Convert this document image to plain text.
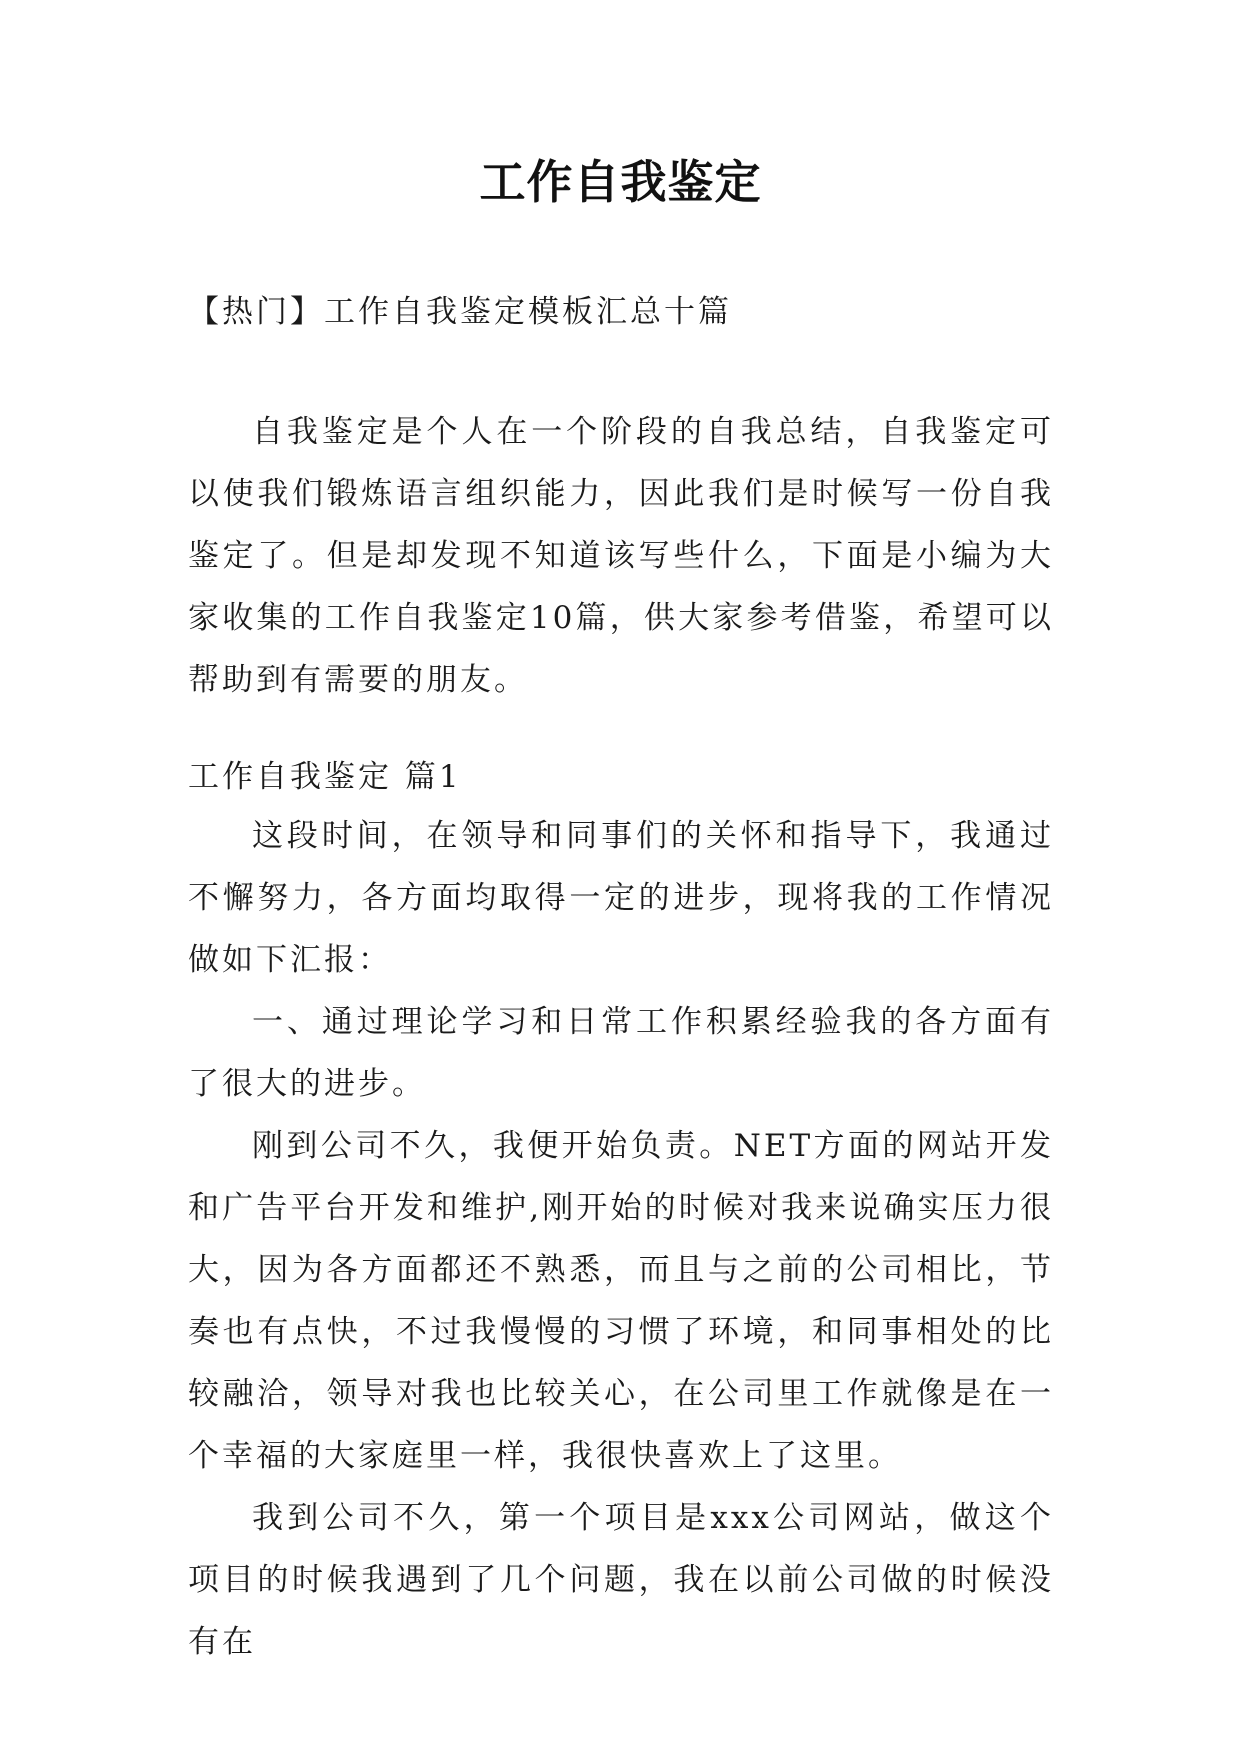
工作自我鉴定
【热门】工作自我鉴定模板汇总十篇

自我鉴定是个人在一个阶段的自我总结，自我鉴定可以使我们锻炼语言组织能力，因此我们是时候写一份自我鉴定了。但是却发现不知道该写些什么，下面是小编为大家收集的工作自我鉴定10篇，供大家参考借鉴，希望可以帮助到有需要的朋友。

工作自我鉴定 篇1

这段时间，在领导和同事们的关怀和指导下，我通过不懈努力，各方面均取得一定的进步，现将我的工作情况做如下汇报：

一、通过理论学习和日常工作积累经验我的各方面有了很大的进步。

刚到公司不久，我便开始负责。NET方面的网站开发和广告平台开发和维护,刚开始的时候对我来说确实压力很大，因为各方面都还不熟悉，而且与之前的公司相比，节奏也有点快，不过我慢慢的习惯了环境，和同事相处的比较融洽，领导对我也比较关心，在公司里工作就像是在一个幸福的大家庭里一样，我很快喜欢上了这里。

我到公司不久，第一个项目是xxx公司网站，做这个项目的时候我遇到了几个问题，我在以前公司做的时候没有在
